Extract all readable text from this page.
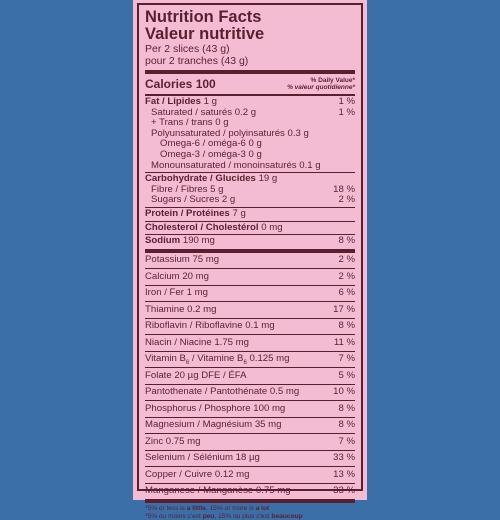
Nutrition Facts
Valeur nutritive
Per 2 slices (43 g)
pour 2 tranches (43 g)
Calories 100	% Daily Value*
% valeur quotidienne*
Fat / Lipides 1 g	1 %
Saturated / saturés 0.2 g	1 %
+ Trans / trans 0 g
Polyunsaturated / polyinsaturés 0.3 g
Omega-6 / oméga-6 0 g
Omega-3 / oméga-3 0 g
Monounsaturated / monoinsaturés 0.1 g
Carbohydrate / Glucides 19 g
Fibre / Fibres 5 g	18 %
Sugars / Sucres 2 g	2 %
Protein / Protéines 7 g
Cholesterol / Cholestérol 0 mg
Sodium 190 mg	8 %
Potassium 75 mg	2 %
Calcium 20 mg	2 %
Iron / Fer 1 mg	6 %
Thiamine 0.2 mg	17 %
Riboflavin / Riboflavine 0.1 mg	8 %
Niacin / Niacine 1.75 mg	11 %
Vitamin $B_6$ / Vitamine $B_6$ 0.125 mg	7 %
Folate 20 µg DFE / ÉFA	5 %
Pantothenate / Pantothénate 0.5 mg	10 %
Phosphorus / Phosphore 100 mg	8 %
Magnesium / Magnésium 35 mg	8 %
Zinc 0.75 mg	7 %
Selenium / Sélénium 18 µg	33 %
Copper / Cuivre 0.12 mg	13 %
Manganese / Manganèse 0.75 mg	33 %
*5% or less is a little, 15% or more is a lot
*5% ou moins c'est peu, 15% ou plus c'est beaucoup
